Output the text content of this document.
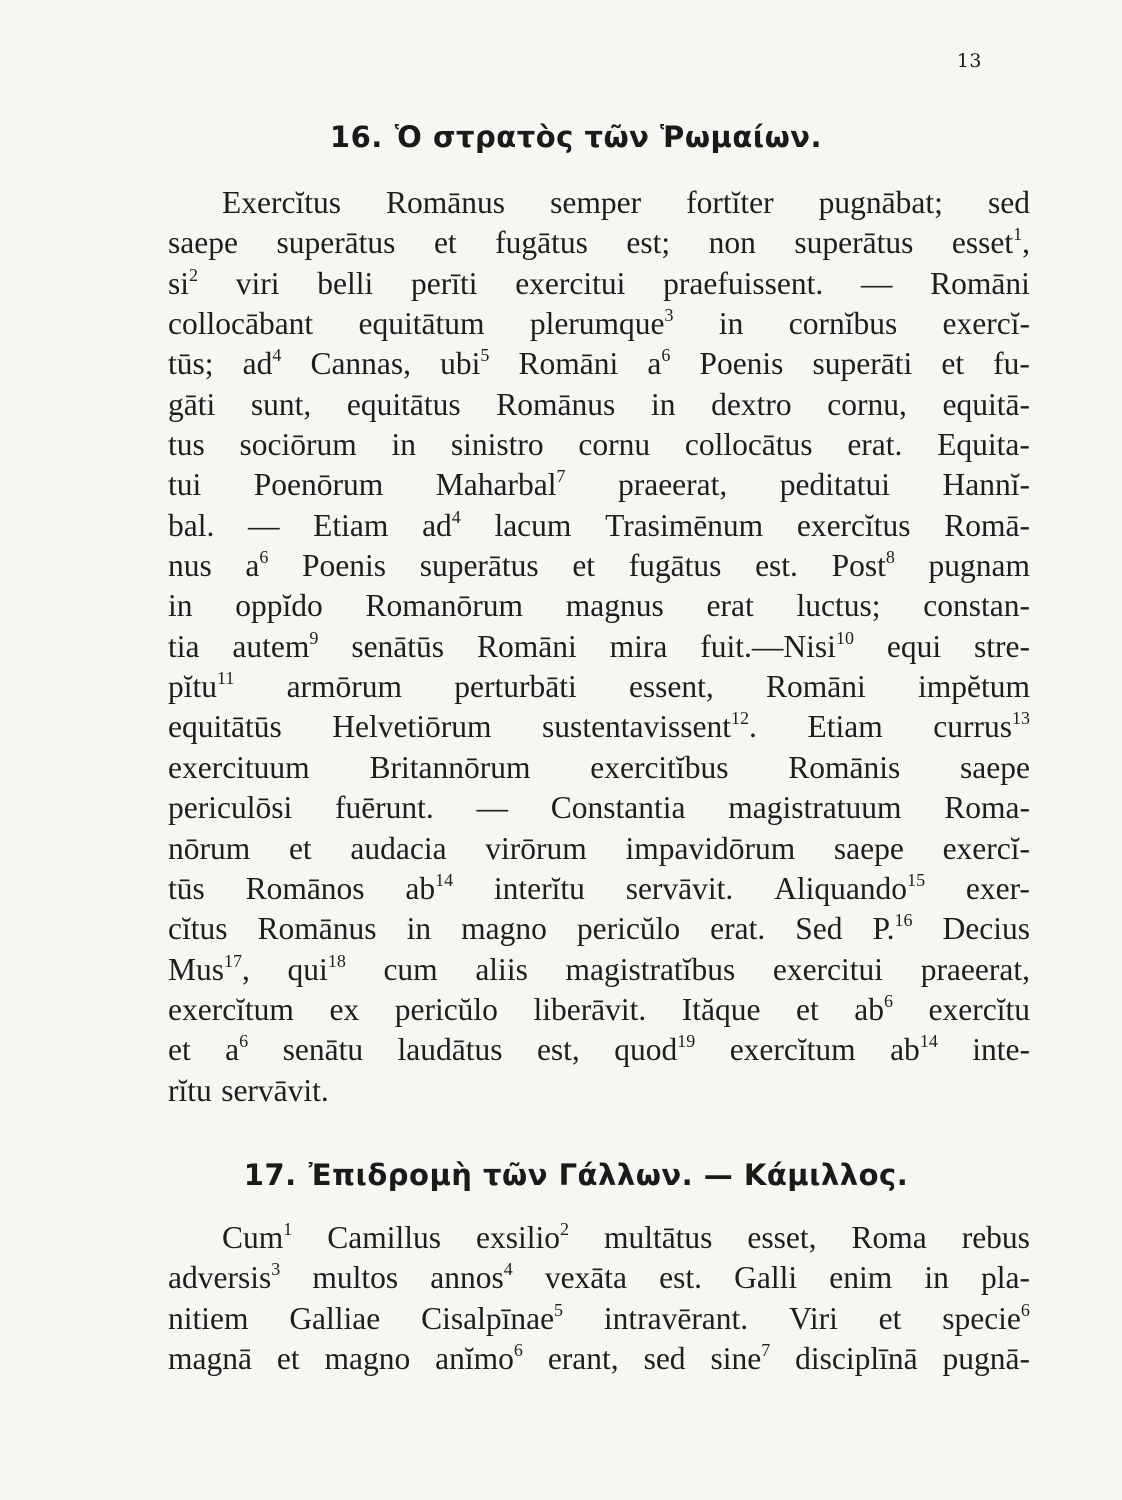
13
16. Ὁ στρατὸς τῶν Ῥωμαίων.
Exercĭtus Romānus semper fortĭter pugnābat; sed
saepe superātus et fugātus est; non superātus esset$^1$,
$si^2$ viri belli perīti exercitui praefuissent. — Romāni
collocābant equitātum plerumque$^3$ in cornĭbus exercĭ-
tūs; $ad^4$ Cannas, ubi$^5$ Romāni $a^6$ Poenis superāti et fu-
gāti sunt, equitātus Romānus in dextro cornu, equitā-
tus sociōrum in sinistro cornu collocātus erat. Equita-
tui Poenōrum Maharbal$^7$ praeerat, peditatui Hannĭ-
bal. — Etiam $ad^4$ lacum Trasimēnum exercĭtus Romā-
nus $a^6$ Poenis superātus et fugātus est. Post$^8$ pugnam
in oppĭdo Romanōrum magnus erat luctus; constan-
tia autem$^9$ senātūs Romāni mira fuit.—Nisi$^{10}$ equi stre-
pĭtu$^{11}$ armōrum perturbāti essent, Romāni impĕtum
equitātūs Helvetiōrum sustentavissent$^{12}$. Etiam currus$^{13}$
exercituum Britannōrum exercitĭbus Romānis saepe
periculōsi fuērunt. — Constantia magistratuum Roma-
nōrum et audacia virōrum impavidōrum saepe exercĭ-
tūs Romānos $ab^{14}$ interĭtu servāvit. Aliquando$^{15}$ exer-
cĭtus Romānus in magno pericŭlo erat. Sed P.$^{16}$ Decius
Mus$^{17}$, qui$^{18}$ cum aliis magistratĭbus exercitui praeerat,
exercĭtum ex pericŭlo liberāvit. Ităque et $ab^6$ exercĭtu
et $a^6$ senātu laudātus est, quod$^{19}$ exercĭtum $ab^{14}$ inte-
rĭtu servāvit.
17. Ἐπιδρομὴ τῶν Γάλλων. — Κάμιλλος.
Cum$^1$ Camillus exsilio$^2$ multātus esset, Roma rebus
adversis$^3$ multos annos$^4$ vexāta est. Galli enim in pla-
nitiem Galliae Cisalpīnae$^5$ intravērant. Viri et specie$^6$
magnā et magno anĭmo$^6$ erant, sed sine$^7$ disciplīnā pugnā-
